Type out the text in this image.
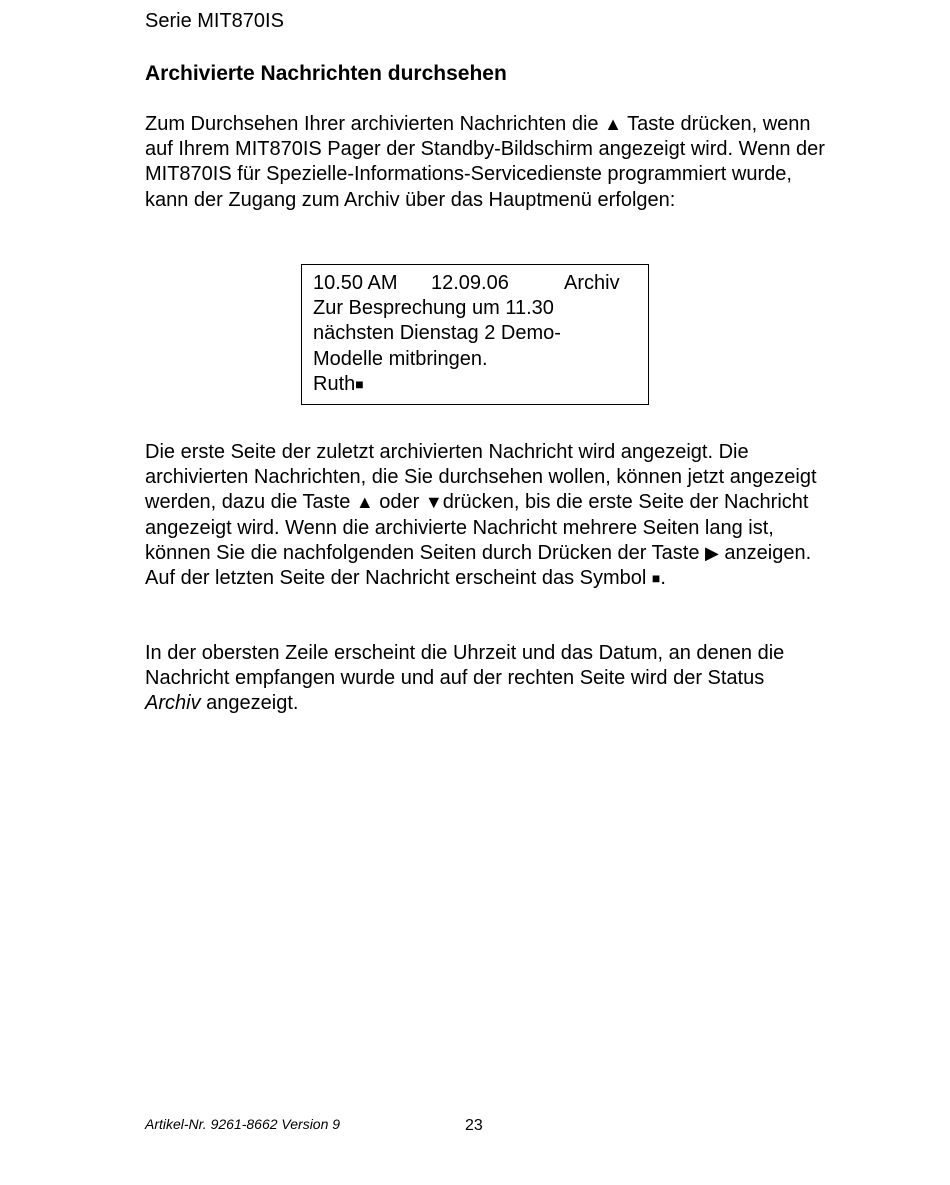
Serie MIT870IS
Archivierte Nachrichten durchsehen

Zum Durchsehen Ihrer archivierten Nachrichten die ▲ Taste drücken, wenn auf Ihrem MIT870IS Pager der Standby-Bildschirm angezeigt wird. Wenn der MIT870IS für Spezielle-Informations-Servicedienste programmiert wurde, kann der Zugang zum Archiv über das Hauptmenü erfolgen:

10.50 AM	12.09.06	Archiv
Zur Besprechung um 11.30
nächsten Dienstag 2 Demo-
Modelle mitbringen.
Ruth■

Die erste Seite der zuletzt archivierten Nachricht wird angezeigt. Die archivierten Nachrichten, die Sie durchsehen wollen, können jetzt angezeigt werden, dazu die Taste ▲ oder ▼drücken, bis die erste Seite der Nachricht angezeigt wird. Wenn die archivierte Nachricht mehrere Seiten lang ist, können Sie die nachfolgenden Seiten durch Drücken der Taste ▶ anzeigen. Auf der letzten Seite der Nachricht erscheint das Symbol ■.

In der obersten Zeile erscheint die Uhrzeit und das Datum, an denen die Nachricht empfangen wurde und auf der rechten Seite wird der Status Archiv angezeigt.

Artikel-Nr. 9261-8662 Version 9	23
